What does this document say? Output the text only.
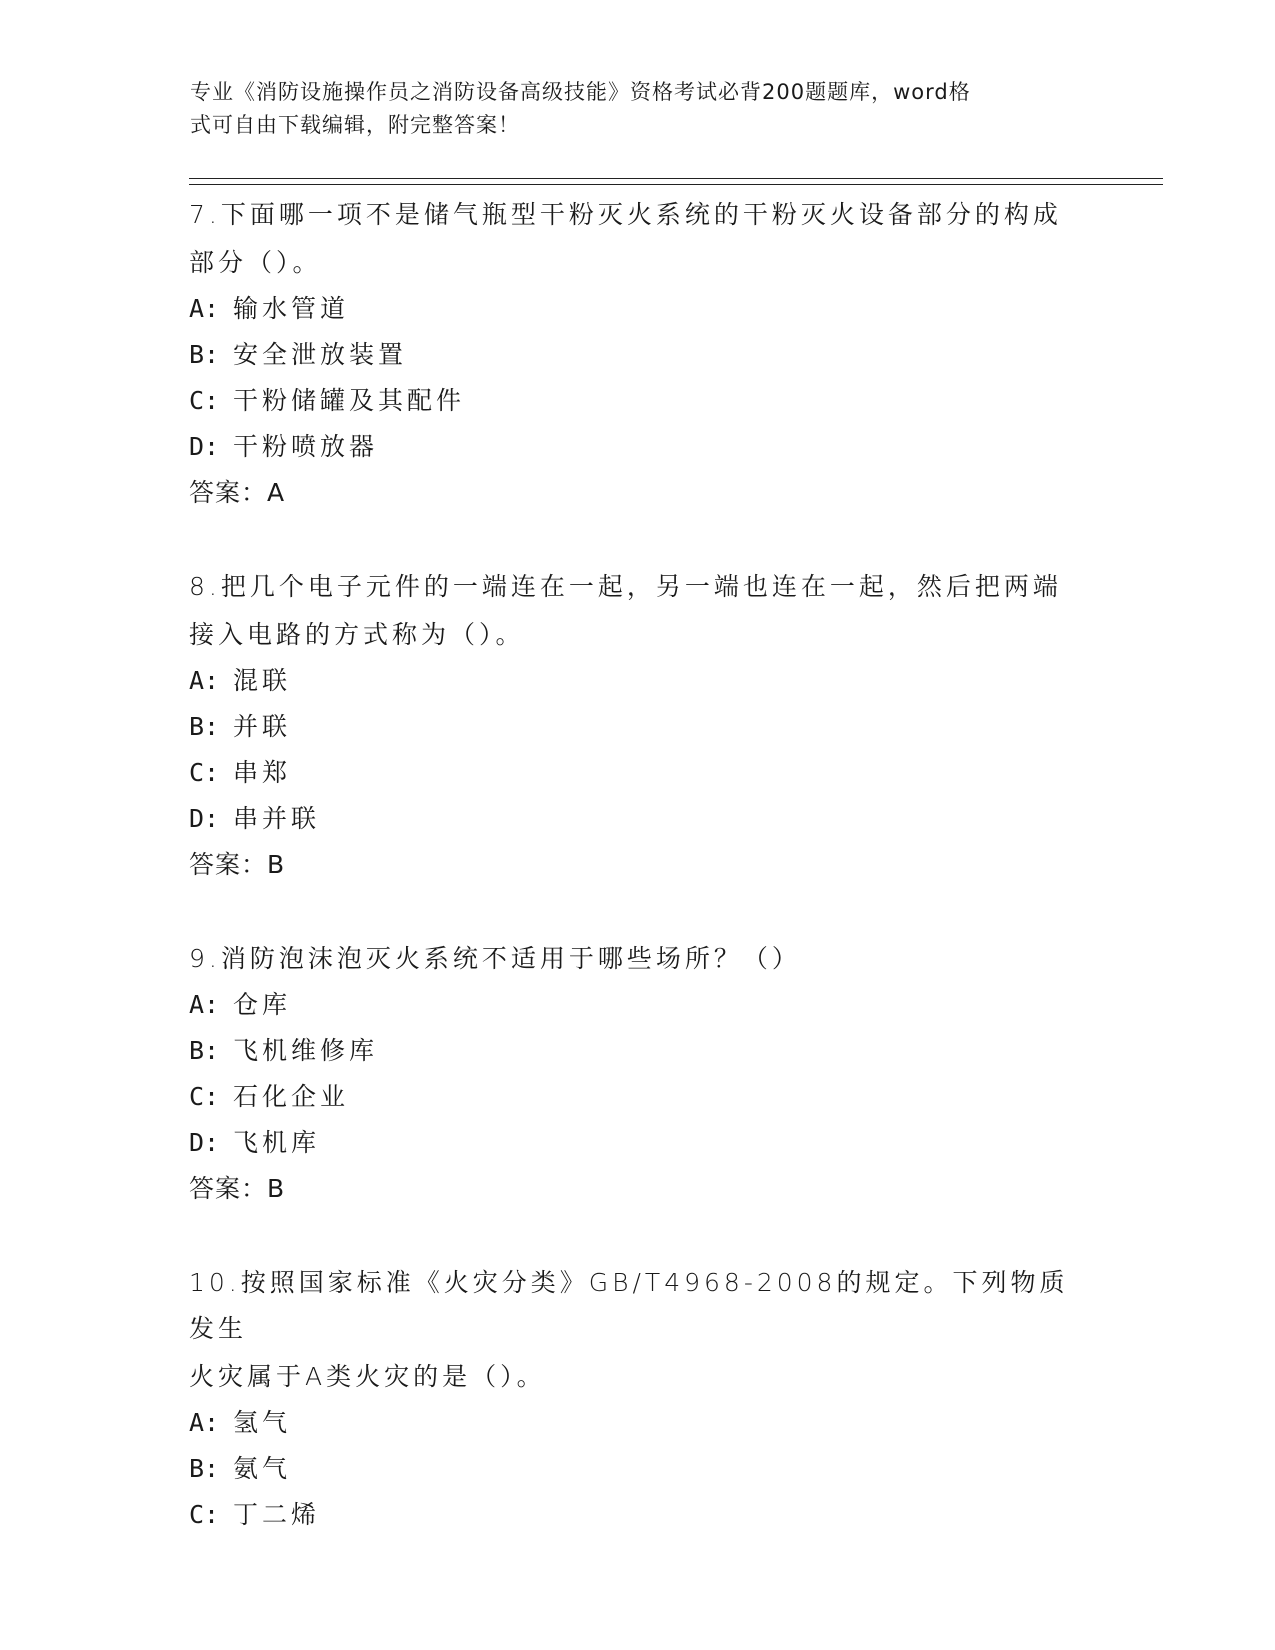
专业《消防设施操作员之消防设备高级技能》资格考试必背200题题库，word格
式可自由下载编辑，附完整答案！

7.下面哪一项不是储气瓶型干粉灭火系统的干粉灭火设备部分的构成

部分（）。

A: 输水管道

B: 安全泄放装置

C: 干粉储罐及其配件

D: 干粉喷放器

答案：A

8.把几个电子元件的一端连在一起，另一端也连在一起，然后把两端

接入电路的方式称为（）。

A: 混联

B: 并联

C: 串郑

D: 串并联

答案：B

9.消防泡沫泡灭火系统不适用于哪些场所？（）

A: 仓库

B: 飞机维修库

C: 石化企业

D: 飞机库

答案：B

10.按照国家标准《火灾分类》GB/T4968-2008的规定。下列物质发生

火灾属于A类火灾的是（）。

A: 氢气

B: 氨气

C: 丁二烯
